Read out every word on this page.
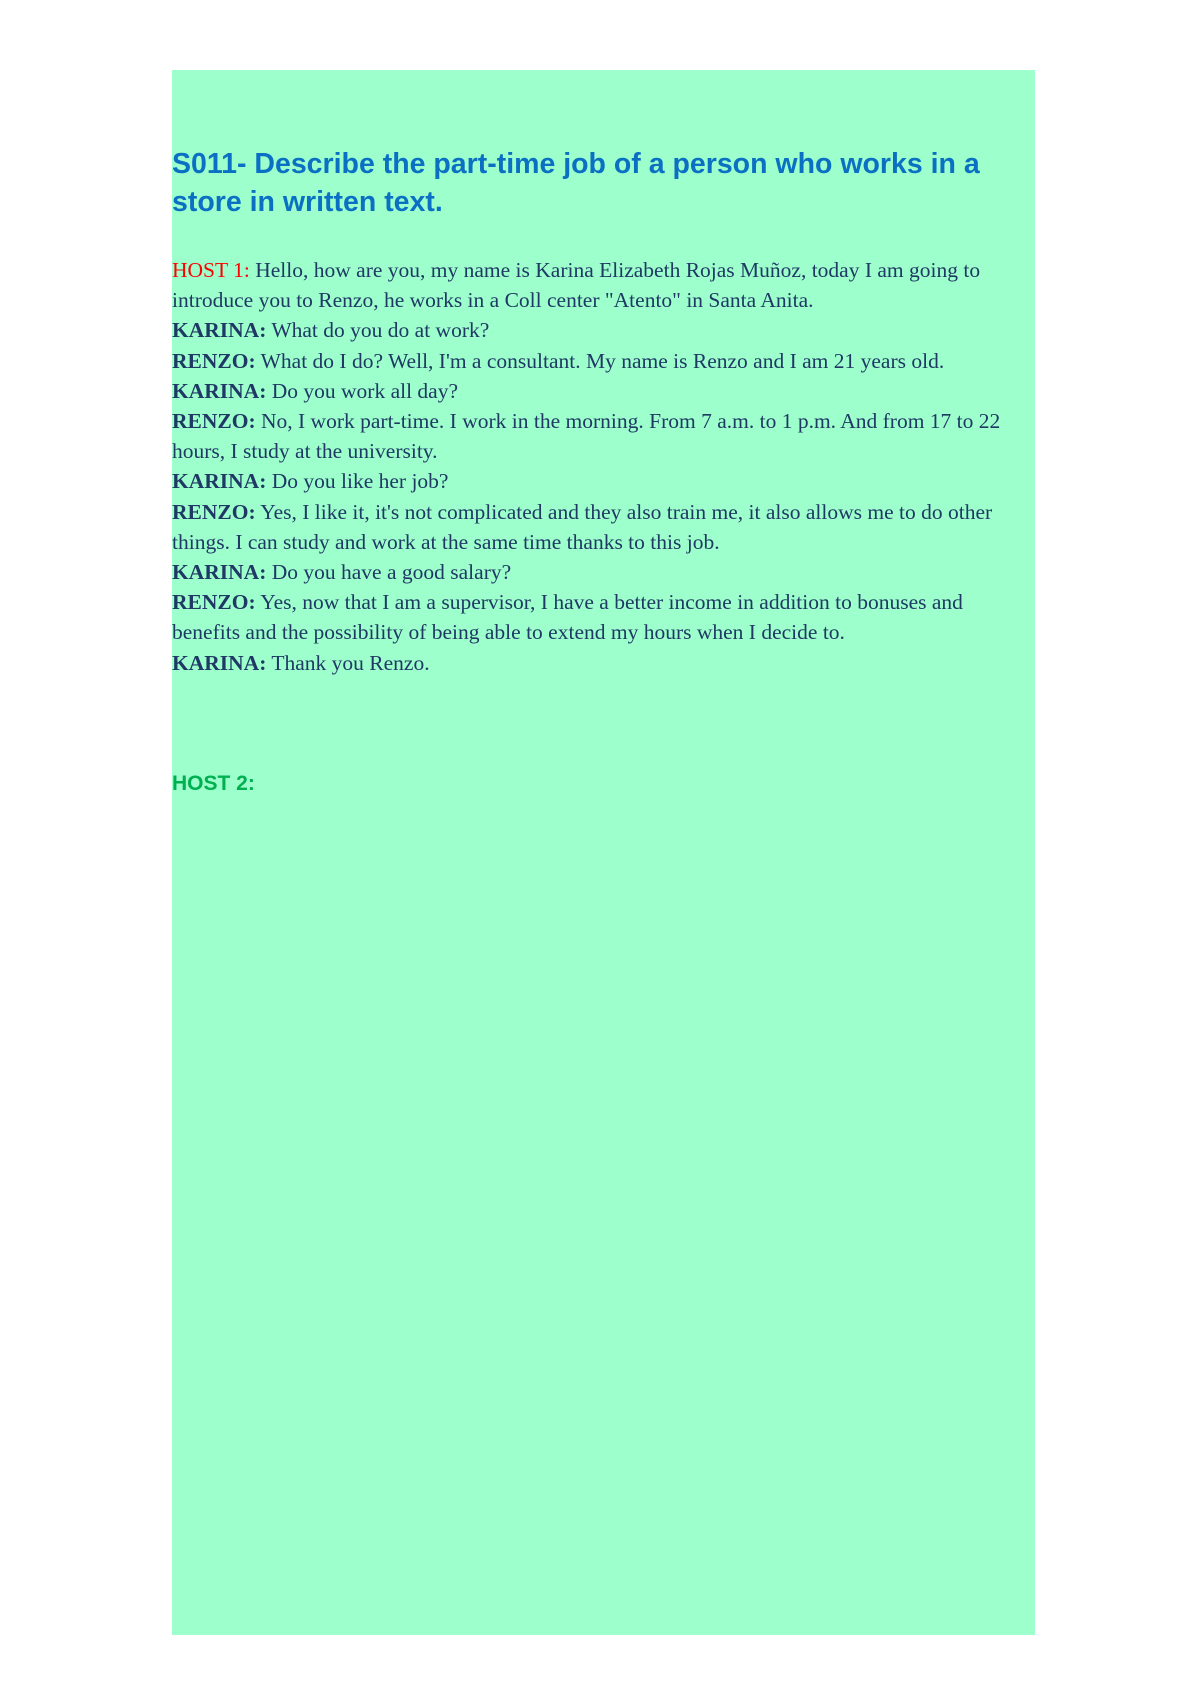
S011- Describe the part-time job of a person who works in a store in written text.

HOST 1: Hello, how are you, my name is Karina Elizabeth Rojas Muñoz, today I am going to introduce you to Renzo, he works in a Coll center "Atento" in Santa Anita.

KARINA: What do you do at work?

RENZO: What do I do? Well, I'm a consultant. My name is Renzo and I am 21 years old.

KARINA: Do you work all day?

RENZO: No, I work part-time. I work in the morning. From 7 a.m. to 1 p.m. And from 17 to 22 hours, I study at the university.

KARINA: Do you like her job?

RENZO: Yes, I like it, it's not complicated and they also train me, it also allows me to do other things. I can study and work at the same time thanks to this job.

KARINA: Do you have a good salary?

RENZO: Yes, now that I am a supervisor, I have a better income in addition to bonuses and benefits and the possibility of being able to extend my hours when I decide to.

KARINA: Thank you Renzo.

HOST 2:
